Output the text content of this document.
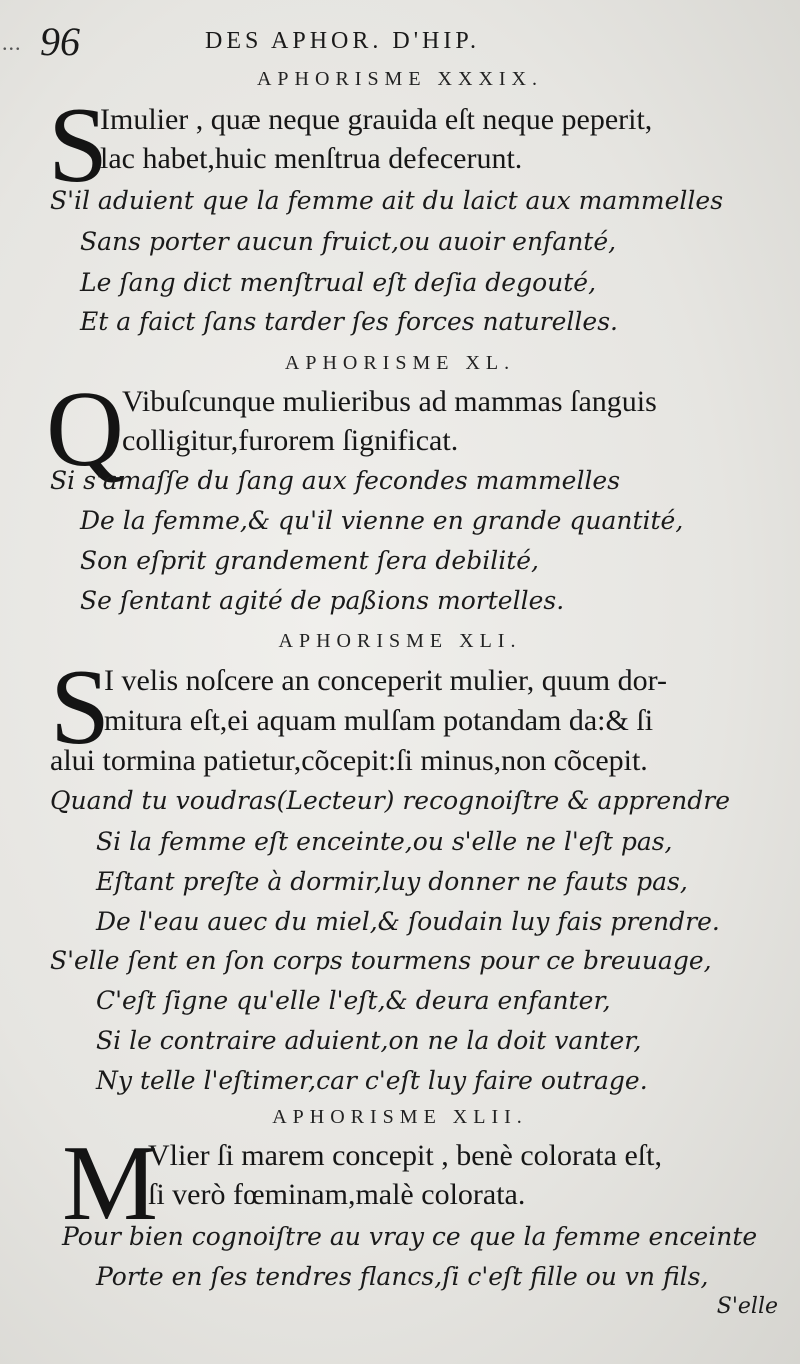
... 96	DES APHOR. D'HIP.
APHORISME XXXIX.
S
Imulier , quæ neque grauida eſt neque peperit,
lac habet,huic menſtrua defecerunt.
S'il aduient que la femme ait du laict aux mammelles
Sans porter aucun fruict,ou auoir enfanté,
Le ſang dict menſtrual eſt deſia degouté,
Et a faict ſans tarder ſes forces naturelles.
APHORISME XL.
Q
Vibuſcunque mulieribus ad mammas ſanguis
colligitur,furorem ſignificat.
Si s'amaſſe du ſang aux fecondes mammelles
De la femme,& qu'il vienne en grande quantité,
Son eſprit grandement ſera debilité,
Se ſentant agité de paßions mortelles.
APHORISME XLI.
S
I velis noſcere an conceperit mulier, quum dor-
mitura eſt,ei aquam mulſam potandam da:& ſi
alui tormina patietur,cõcepit:ſi minus,non cõcepit.
Quand tu voudras(Lecteur) recognoiſtre & apprendre
Si la femme eſt enceinte,ou s'elle ne l'eſt pas,
Eſtant preſte à dormir,luy donner ne fauts pas,
De l'eau auec du miel,& ſoudain luy fais prendre.
S'elle ſent en ſon corps tourmens pour ce breuuage,
C'eſt ſigne qu'elle l'eſt,& deura enfanter,
Si le contraire aduient,on ne la doit vanter,
Ny telle l'eſtimer,car c'eſt luy faire outrage.
APHORISME XLII.
M
Vlier ſi marem concepit , benè colorata eſt,
ſi verò fœminam,malè colorata.
Pour bien cognoiſtre au vray ce que la femme enceinte
Porte en ſes tendres flancs,ſi c'eſt fille ou vn fils,
S'elle
